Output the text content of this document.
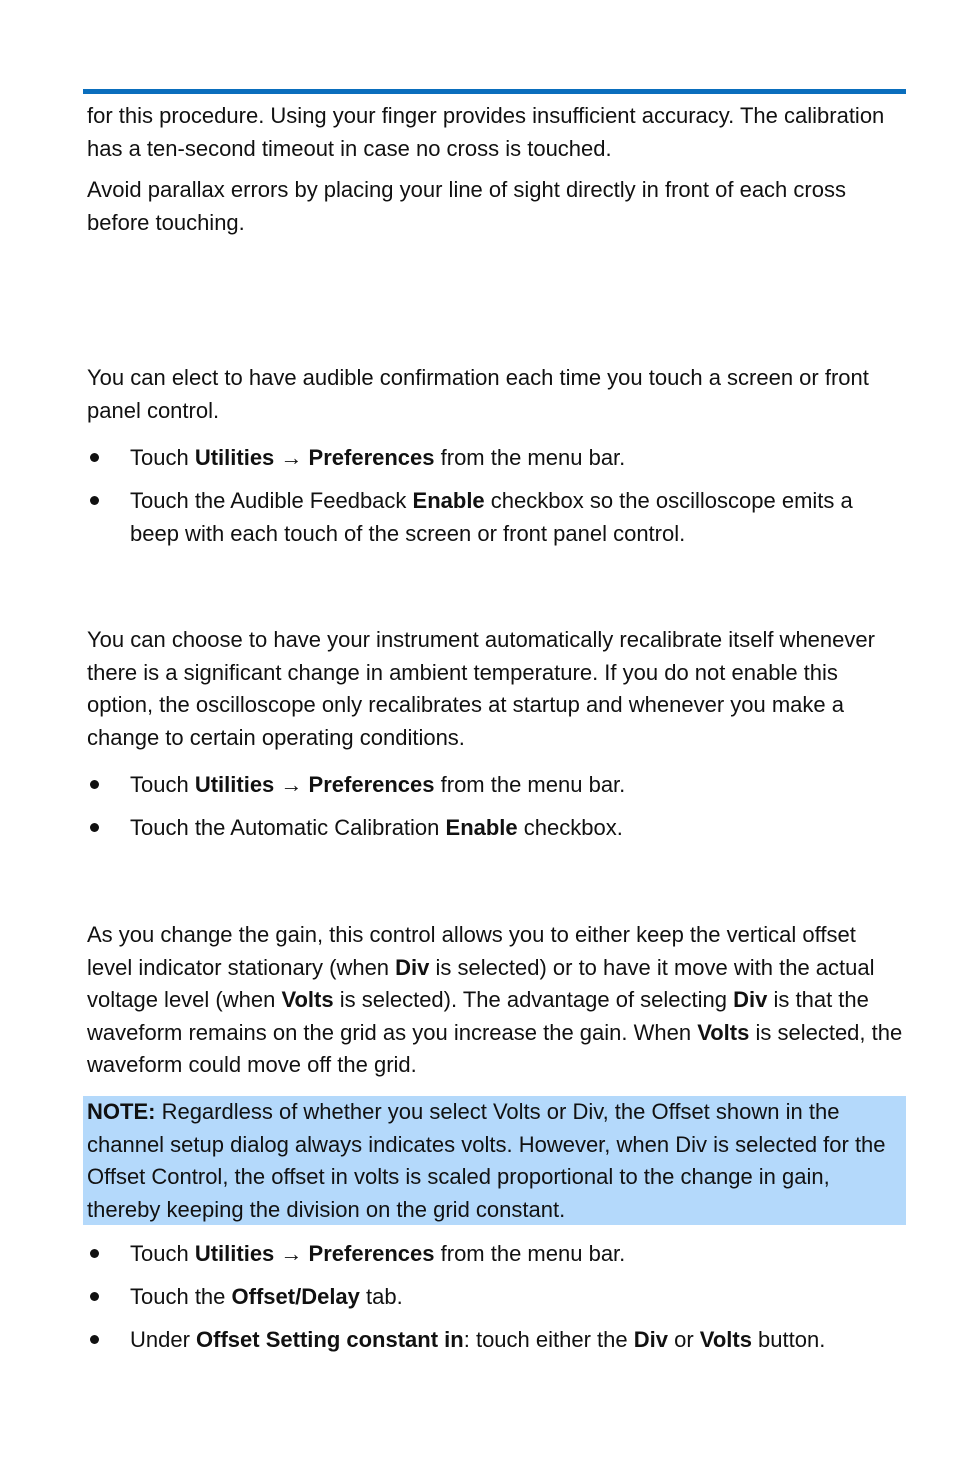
for this procedure. Using your finger provides insufficient accuracy. The calibration has a ten-second timeout in case no cross is touched.

Avoid parallax errors by placing your line of sight directly in front of each cross before touching.

You can elect to have audible confirmation each time you touch a screen or front panel control.

Touch Utilities → Preferences from the menu bar.
Touch the Audible Feedback Enable checkbox so the oscilloscope emits a beep with each touch of the screen or front panel control.

You can choose to have your instrument automatically recalibrate itself whenever there is a significant change in ambient temperature. If you do not enable this option, the oscilloscope only recalibrates at startup and whenever you make a change to certain operating conditions.

Touch Utilities → Preferences from the menu bar.
Touch the Automatic Calibration Enable checkbox.

As you change the gain, this control allows you to either keep the vertical offset level indicator stationary (when Div is selected) or to have it move with the actual voltage level (when Volts is selected). The advantage of selecting Div is that the waveform remains on the grid as you increase the gain. When Volts is selected, the waveform could move off the grid.

NOTE: Regardless of whether you select Volts or Div, the Offset shown in the channel setup dialog always indicates volts. However, when Div is selected for the Offset Control, the offset in volts is scaled proportional to the change in gain, thereby keeping the division on the grid constant.

Touch Utilities → Preferences from the menu bar.
Touch the Offset/Delay tab.
Under Offset Setting constant in: touch either the Div or Volts button.
